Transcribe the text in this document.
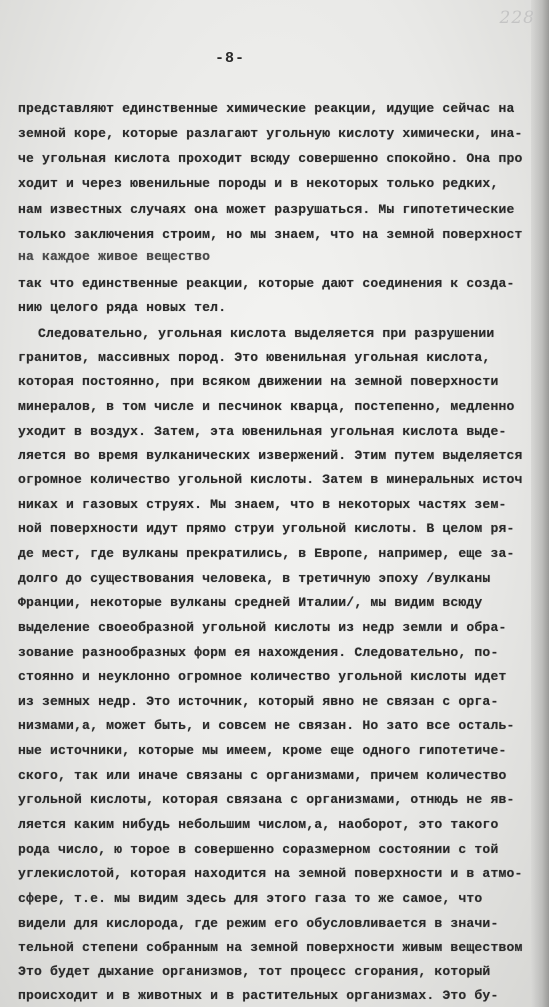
228
-8-
представляют единственные химические реакции, идущие сейчас на
земной коре, которые разлагают угольную кислоту химически, ина-
че угольная кислота проходит всюду совершенно спокойно. Она про
ходит и через ювенильные породы и в некоторых только редких,
нам известных случаях она может разрушаться. Мы гипотетические
только заключения строим, но мы знаем, что на земной поверхност
на каждое живое вещество
так что единственные реакции, которые дают соединения к созда-
нию целого ряда новых тел.
Следовательно, угольная кислота выделяется при разрушении
гранитов, массивных пород. Это ювенильная угольная кислота,
которая постоянно, при всяком движении на земной поверхности
минералов, в том числе и песчинок кварца, постепенно, медленно
уходит в воздух. Затем, эта ювенильная угольная кислота выде-
ляется во время вулканических извержений. Этим путем выделяется
огромное количество угольной кислоты. Затем в минеральных источ
никах и газовых струях. Мы знаем, что в некоторых частях зем-
ной поверхности идут прямо струи угольной кислоты. В целом ря-
де мест, где вулканы прекратились, в Европе, например, еще за-
долго до существования человека, в третичную эпоху /вулканы
Франции, некоторые вулканы средней Италии/, мы видим всюду
выделение своеобразной угольной кислоты из недр земли и обра-
зование разнообразных форм ея нахождения. Следовательно, по-
стоянно и неуклонно огромное количество угольной кислоты идет
из земных недр. Это источник, который явно не связан с орга-
низмами,а, может быть, и совсем не связан. Но зато все осталь-
ные источники, которые мы имеем, кроме еще одного гипотетиче-
ского, так или иначе связаны с организмами, причем количество
угольной кислоты, которая связана с организмами, отнюдь не яв-
ляется каким нибудь небольшим числом,а, наоборот, это такого
рода число, ю торое в совершенно соразмерном состоянии с той
углекислотой, которая находится на земной поверхности и в атмо-
сфере, т.е. мы видим здесь для этого газа то же самое, что
видели для кислорода, где режим его обусловливается в значи-
тельной степени собранным на земной поверхности живым веществом
Это будет дыхание организмов, тот процесс сгорания, который
происходит и в животных и в растительных организмах. Это бу-
